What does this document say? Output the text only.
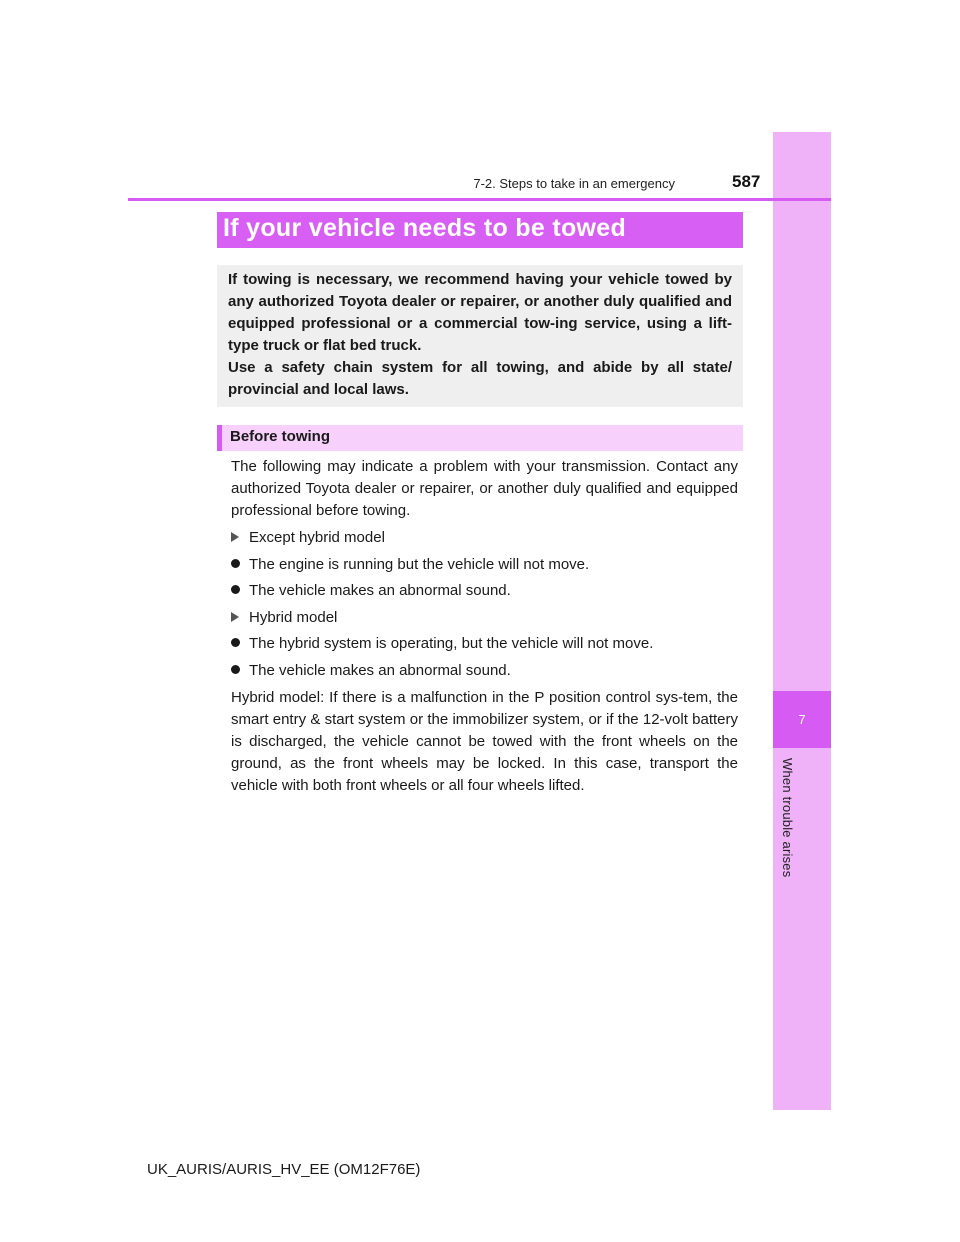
7
When trouble arises
7-2. Steps to take in an emergency	587
If your vehicle needs to be towed

If towing is necessary, we recommend having your vehicle towed by any authorized Toyota dealer or repairer, or another duly qualified and equipped professional or a commercial tow-ing service, using a lift-type truck or flat bed truck.

Use a safety chain system for all towing, and abide by all state/ provincial and local laws.

Before towing

The following may indicate a problem with your transmission. Contact any authorized Toyota dealer or repairer, or another duly qualified and equipped professional before towing.

Except hybrid model
The engine is running but the vehicle will not move.
The vehicle makes an abnormal sound.
Hybrid model
The hybrid system is operating, but the vehicle will not move.
The vehicle makes an abnormal sound.

Hybrid model: If there is a malfunction in the P position control sys-tem, the smart entry & start system or the immobilizer system, or if the 12-volt battery is discharged, the vehicle cannot be towed with the front wheels on the ground, as the front wheels may be locked. In this case, transport the vehicle with both front wheels or all four wheels lifted.

UK_AURIS/AURIS_HV_EE (OM12F76E)
